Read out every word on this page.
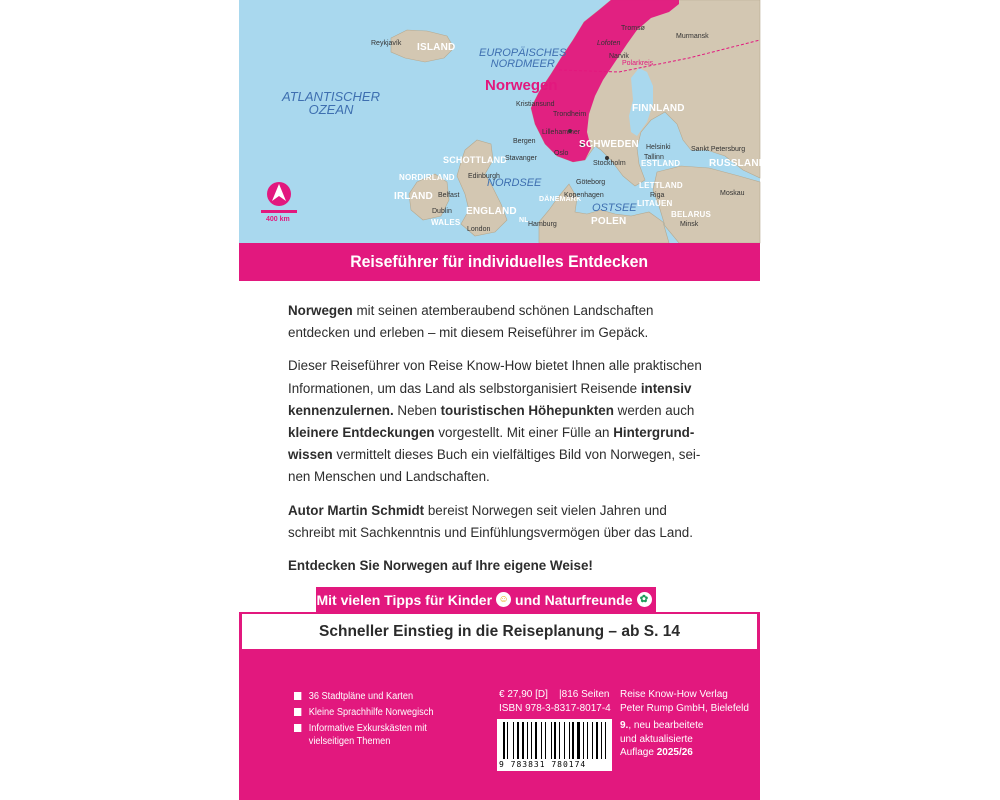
ATLANTISCHER
OZEAN
EUROPÄISCHES
NORDMEER
NORDSEE
OSTSEE
Norwegen
Polarkreis
400 km
ISLAND
FINNLAND
SCHWEDEN
RUSSLAND
ESTLAND
LETTLAND
LITAUEN
BELARUS
POLEN
DÄNEMARK
SCHOTTLAND
NORDIRLAND
IRLAND
ENGLAND
WALES	NL
Reykjavík
Tromsø
Lofoten
Narvik
Murmansk
Kristiansund
Trondheim
Lillehammer
Bergen
Oslo
Stavanger
Stockholm
Helsinki
Tallinn
Sankt Petersburg
Edinburgh
Belfast
Dublin
Göteborg
Kopenhagen	Riga	Moskau
Minsk
Hamburg
London
Reiseführer für individuelles Entdecken

Norwegen mit seinen atemberaubend schönen Landschaften entdecken und erleben – mit diesem Reiseführer im Gepäck.

Dieser Reiseführer von Reise Know-How bietet Ihnen alle praktischen Informationen, um das Land als selbstorganisiert Reisende intensiv kennenzulernen. Neben touristischen Höhepunkten werden auch kleinere Entdeckungen vorgestellt. Mit einer Fülle an Hintergrundwissen vermittelt dieses Buch ein vielfältiges Bild von Norwegen, seinen Menschen und Landschaften.

Autor Martin Schmidt bereist Norwegen seit vielen Jahren und schreibt mit Sachkenntnis und Einfühlungsvermögen über das Land.

Entdecken Sie Norwegen auf Ihre eigene Weise!

Mit vielen Tipps für Kinder ☺ und Naturfreunde ✿
Schneller Einstieg in die Reiseplanung – ab S. 14
36 Stadtpläne und Karten
Kleine Sprachhilfe Norwegisch
Informative Exkurskästen mit vielseitigen Themen
€ 27,90 [D]    |816 Seiten
ISBN 978-3-8317-8017-4
Reise Know-How Verlag
Peter Rump GmbH, Bielefeld
9., neu bearbeitete
und aktualisierte
Auflage 2025/26
9 783831 780174
